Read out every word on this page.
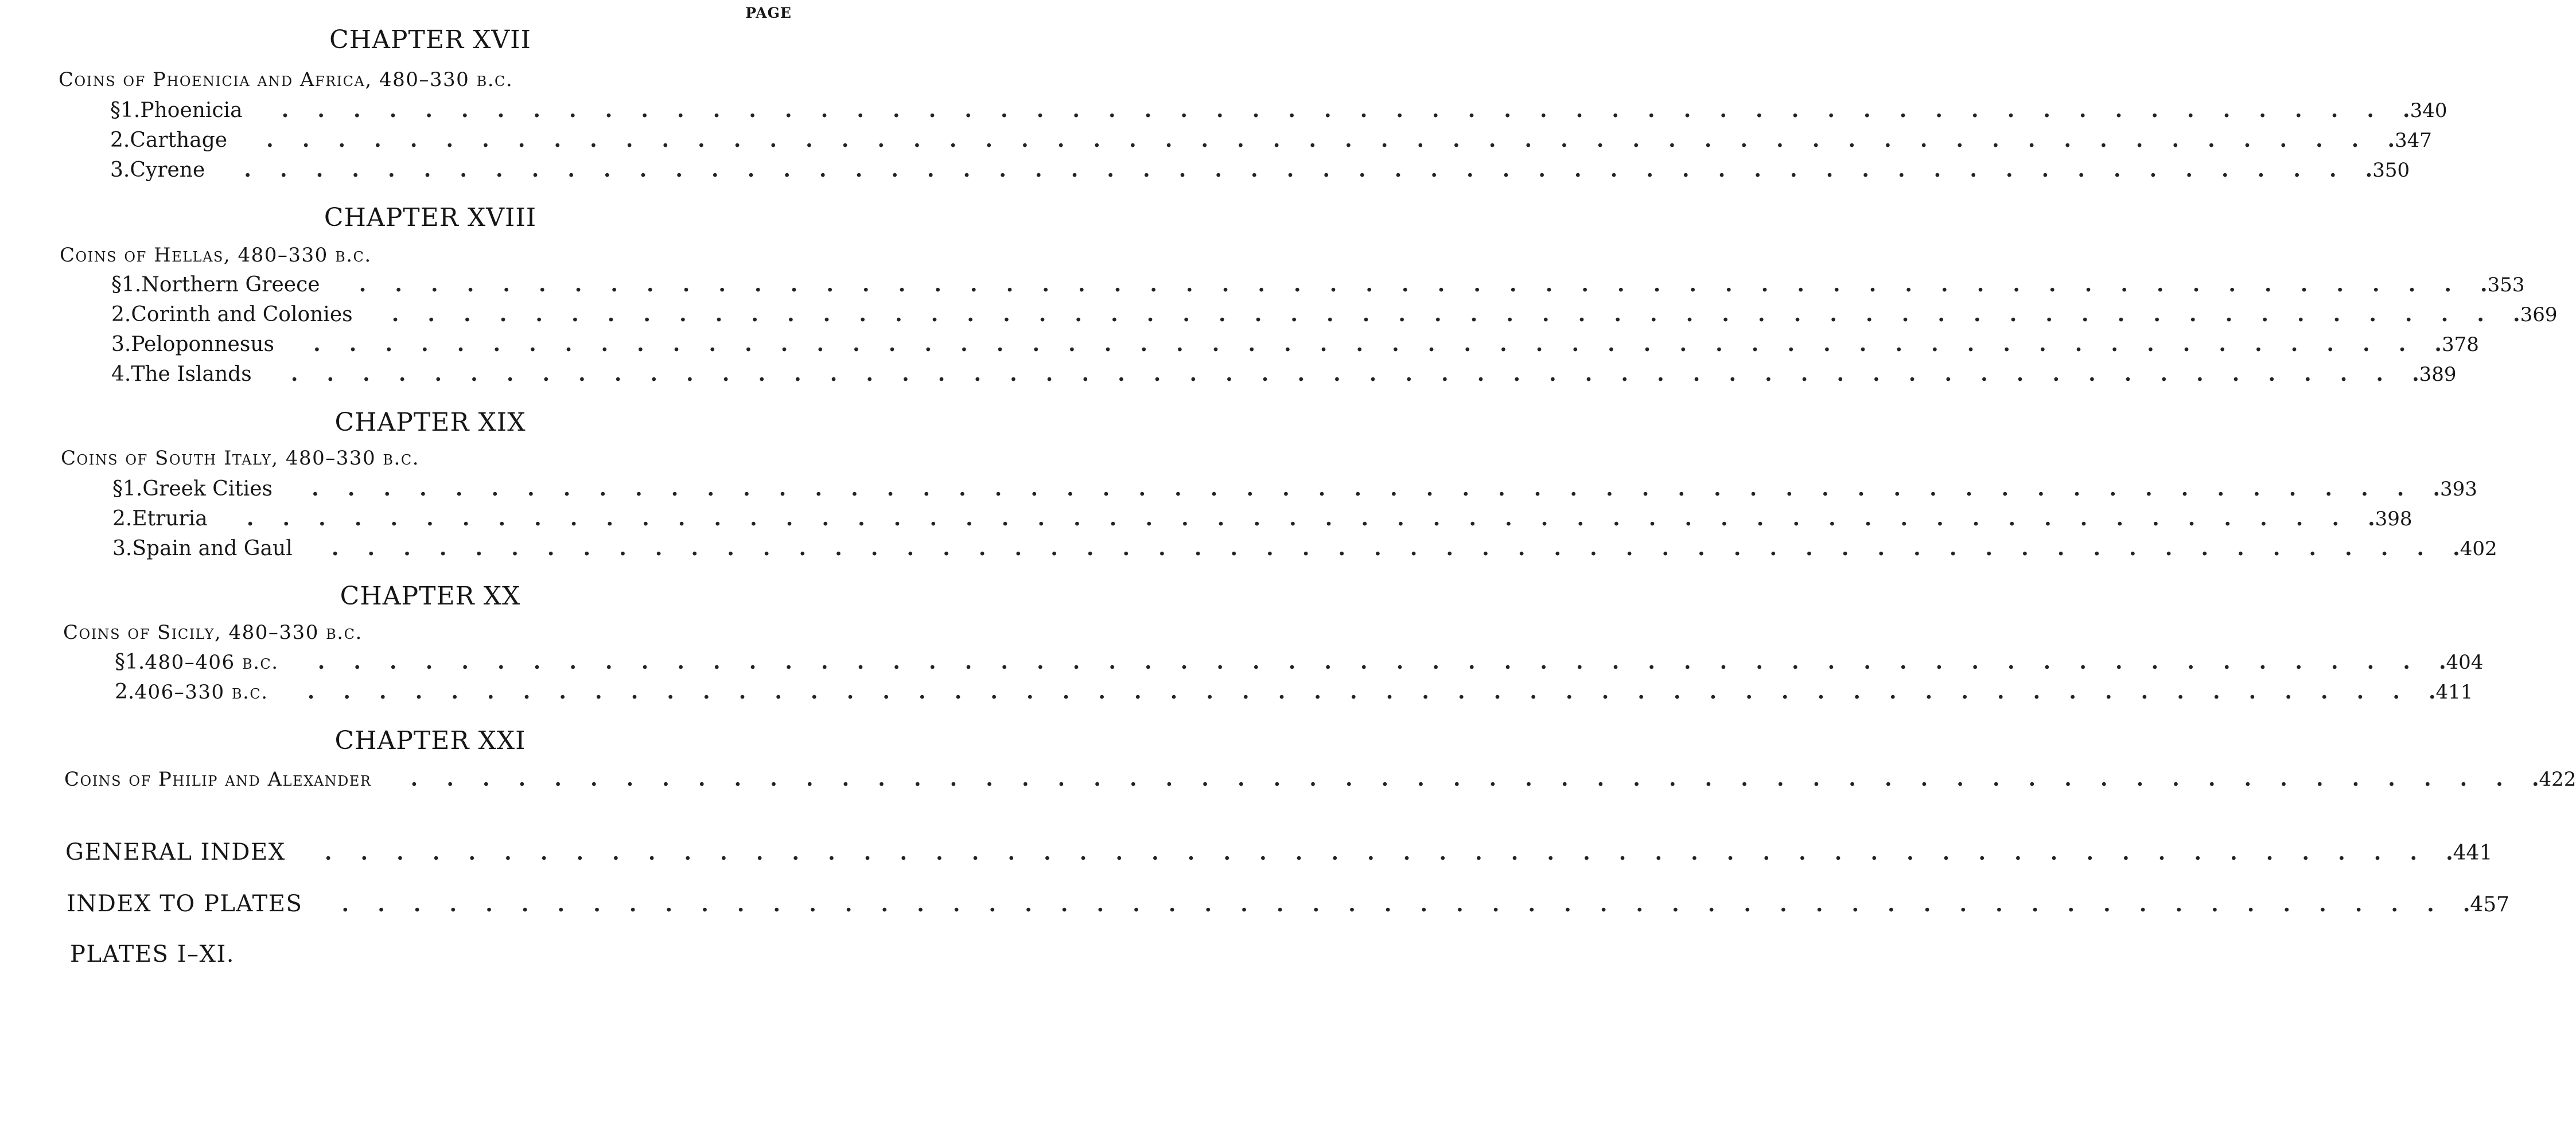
PAGE
CHAPTER XVII
Coins of Phoenicia and Africa, 480–330 b.c.
§ 1. Phoenicia .    .    .    .    .    .    .    .    .    .    .    .    .    .    .    .    .    .    .    .    .    .    .    .    .    .    .    .    .    .    .    .    .    .    .    .    .    .    .    .    .    .    .    .    .    .    .    .    .    .    .    .    .    .    .    .    .    .    .    . 340
2. Carthage .    .    .    .    .    .    .    .    .    .    .    .    .    .    .    .    .    .    .    .    .    .    .    .    .    .    .    .    .    .    .    .    .    .    .    .    .    .    .    .    .    .    .    .    .    .    .    .    .    .    .    .    .    .    .    .    .    .    .    . 347
3. Cyrene .    .    .    .    .    .    .    .    .    .    .    .    .    .    .    .    .    .    .    .    .    .    .    .    .    .    .    .    .    .    .    .    .    .    .    .    .    .    .    .    .    .    .    .    .    .    .    .    .    .    .    .    .    .    .    .    .    .    .    . 350
CHAPTER XVIII
Coins of Hellas, 480–330 b.c.
§ 1. Northern Greece .    .    .    .    .    .    .    .    .    .    .    .    .    .    .    .    .    .    .    .    .    .    .    .    .    .    .    .    .    .    .    .    .    .    .    .    .    .    .    .    .    .    .    .    .    .    .    .    .    .    .    .    .    .    .    .    .    .    .    . 353
2. Corinth and Colonies .    .    .    .    .    .    .    .    .    .    .    .    .    .    .    .    .    .    .    .    .    .    .    .    .    .    .    .    .    .    .    .    .    .    .    .    .    .    .    .    .    .    .    .    .    .    .    .    .    .    .    .    .    .    .    .    .    .    .    . 369
3. Peloponnesus .    .    .    .    .    .    .    .    .    .    .    .    .    .    .    .    .    .    .    .    .    .    .    .    .    .    .    .    .    .    .    .    .    .    .    .    .    .    .    .    .    .    .    .    .    .    .    .    .    .    .    .    .    .    .    .    .    .    .    . 378
4. The Islands .    .    .    .    .    .    .    .    .    .    .    .    .    .    .    .    .    .    .    .    .    .    .    .    .    .    .    .    .    .    .    .    .    .    .    .    .    .    .    .    .    .    .    .    .    .    .    .    .    .    .    .    .    .    .    .    .    .    .    . 389
CHAPTER XIX
Coins of South Italy, 480–330 b.c.
§ 1. Greek Cities .    .    .    .    .    .    .    .    .    .    .    .    .    .    .    .    .    .    .    .    .    .    .    .    .    .    .    .    .    .    .    .    .    .    .    .    .    .    .    .    .    .    .    .    .    .    .    .    .    .    .    .    .    .    .    .    .    .    .    . 393
2. Etruria .    .    .    .    .    .    .    .    .    .    .    .    .    .    .    .    .    .    .    .    .    .    .    .    .    .    .    .    .    .    .    .    .    .    .    .    .    .    .    .    .    .    .    .    .    .    .    .    .    .    .    .    .    .    .    .    .    .    .    . 398
3. Spain and Gaul .    .    .    .    .    .    .    .    .    .    .    .    .    .    .    .    .    .    .    .    .    .    .    .    .    .    .    .    .    .    .    .    .    .    .    .    .    .    .    .    .    .    .    .    .    .    .    .    .    .    .    .    .    .    .    .    .    .    .    . 402
CHAPTER XX
Coins of Sicily, 480–330 b.c.
§ 1. 480–406 b.c. .    .    .    .    .    .    .    .    .    .    .    .    .    .    .    .    .    .    .    .    .    .    .    .    .    .    .    .    .    .    .    .    .    .    .    .    .    .    .    .    .    .    .    .    .    .    .    .    .    .    .    .    .    .    .    .    .    .    .    . 404
2. 406–330 b.c. .    .    .    .    .    .    .    .    .    .    .    .    .    .    .    .    .    .    .    .    .    .    .    .    .    .    .    .    .    .    .    .    .    .    .    .    .    .    .    .    .    .    .    .    .    .    .    .    .    .    .    .    .    .    .    .    .    .    .    . 411
CHAPTER XXI
Coins of Philip and Alexander .    .    .    .    .    .    .    .    .    .    .    .    .    .    .    .    .    .    .    .    .    .    .    .    .    .    .    .    .    .    .    .    .    .    .    .    .    .    .    .    .    .    .    .    .    .    .    .    .    .    .    .    .    .    .    .    .    .    .    . 422
GENERAL INDEX .    .    .    .    .    .    .    .    .    .    .    .    .    .    .    .    .    .    .    .    .    .    .    .    .    .    .    .    .    .    .    .    .    .    .    .    .    .    .    .    .    .    .    .    .    .    .    .    .    .    .    .    .    .    .    .    .    .    .    . 441
INDEX TO PLATES .    .    .    .    .    .    .    .    .    .    .    .    .    .    .    .    .    .    .    .    .    .    .    .    .    .    .    .    .    .    .    .    .    .    .    .    .    .    .    .    .    .    .    .    .    .    .    .    .    .    .    .    .    .    .    .    .    .    .    . 457
PLATES I–XI.
